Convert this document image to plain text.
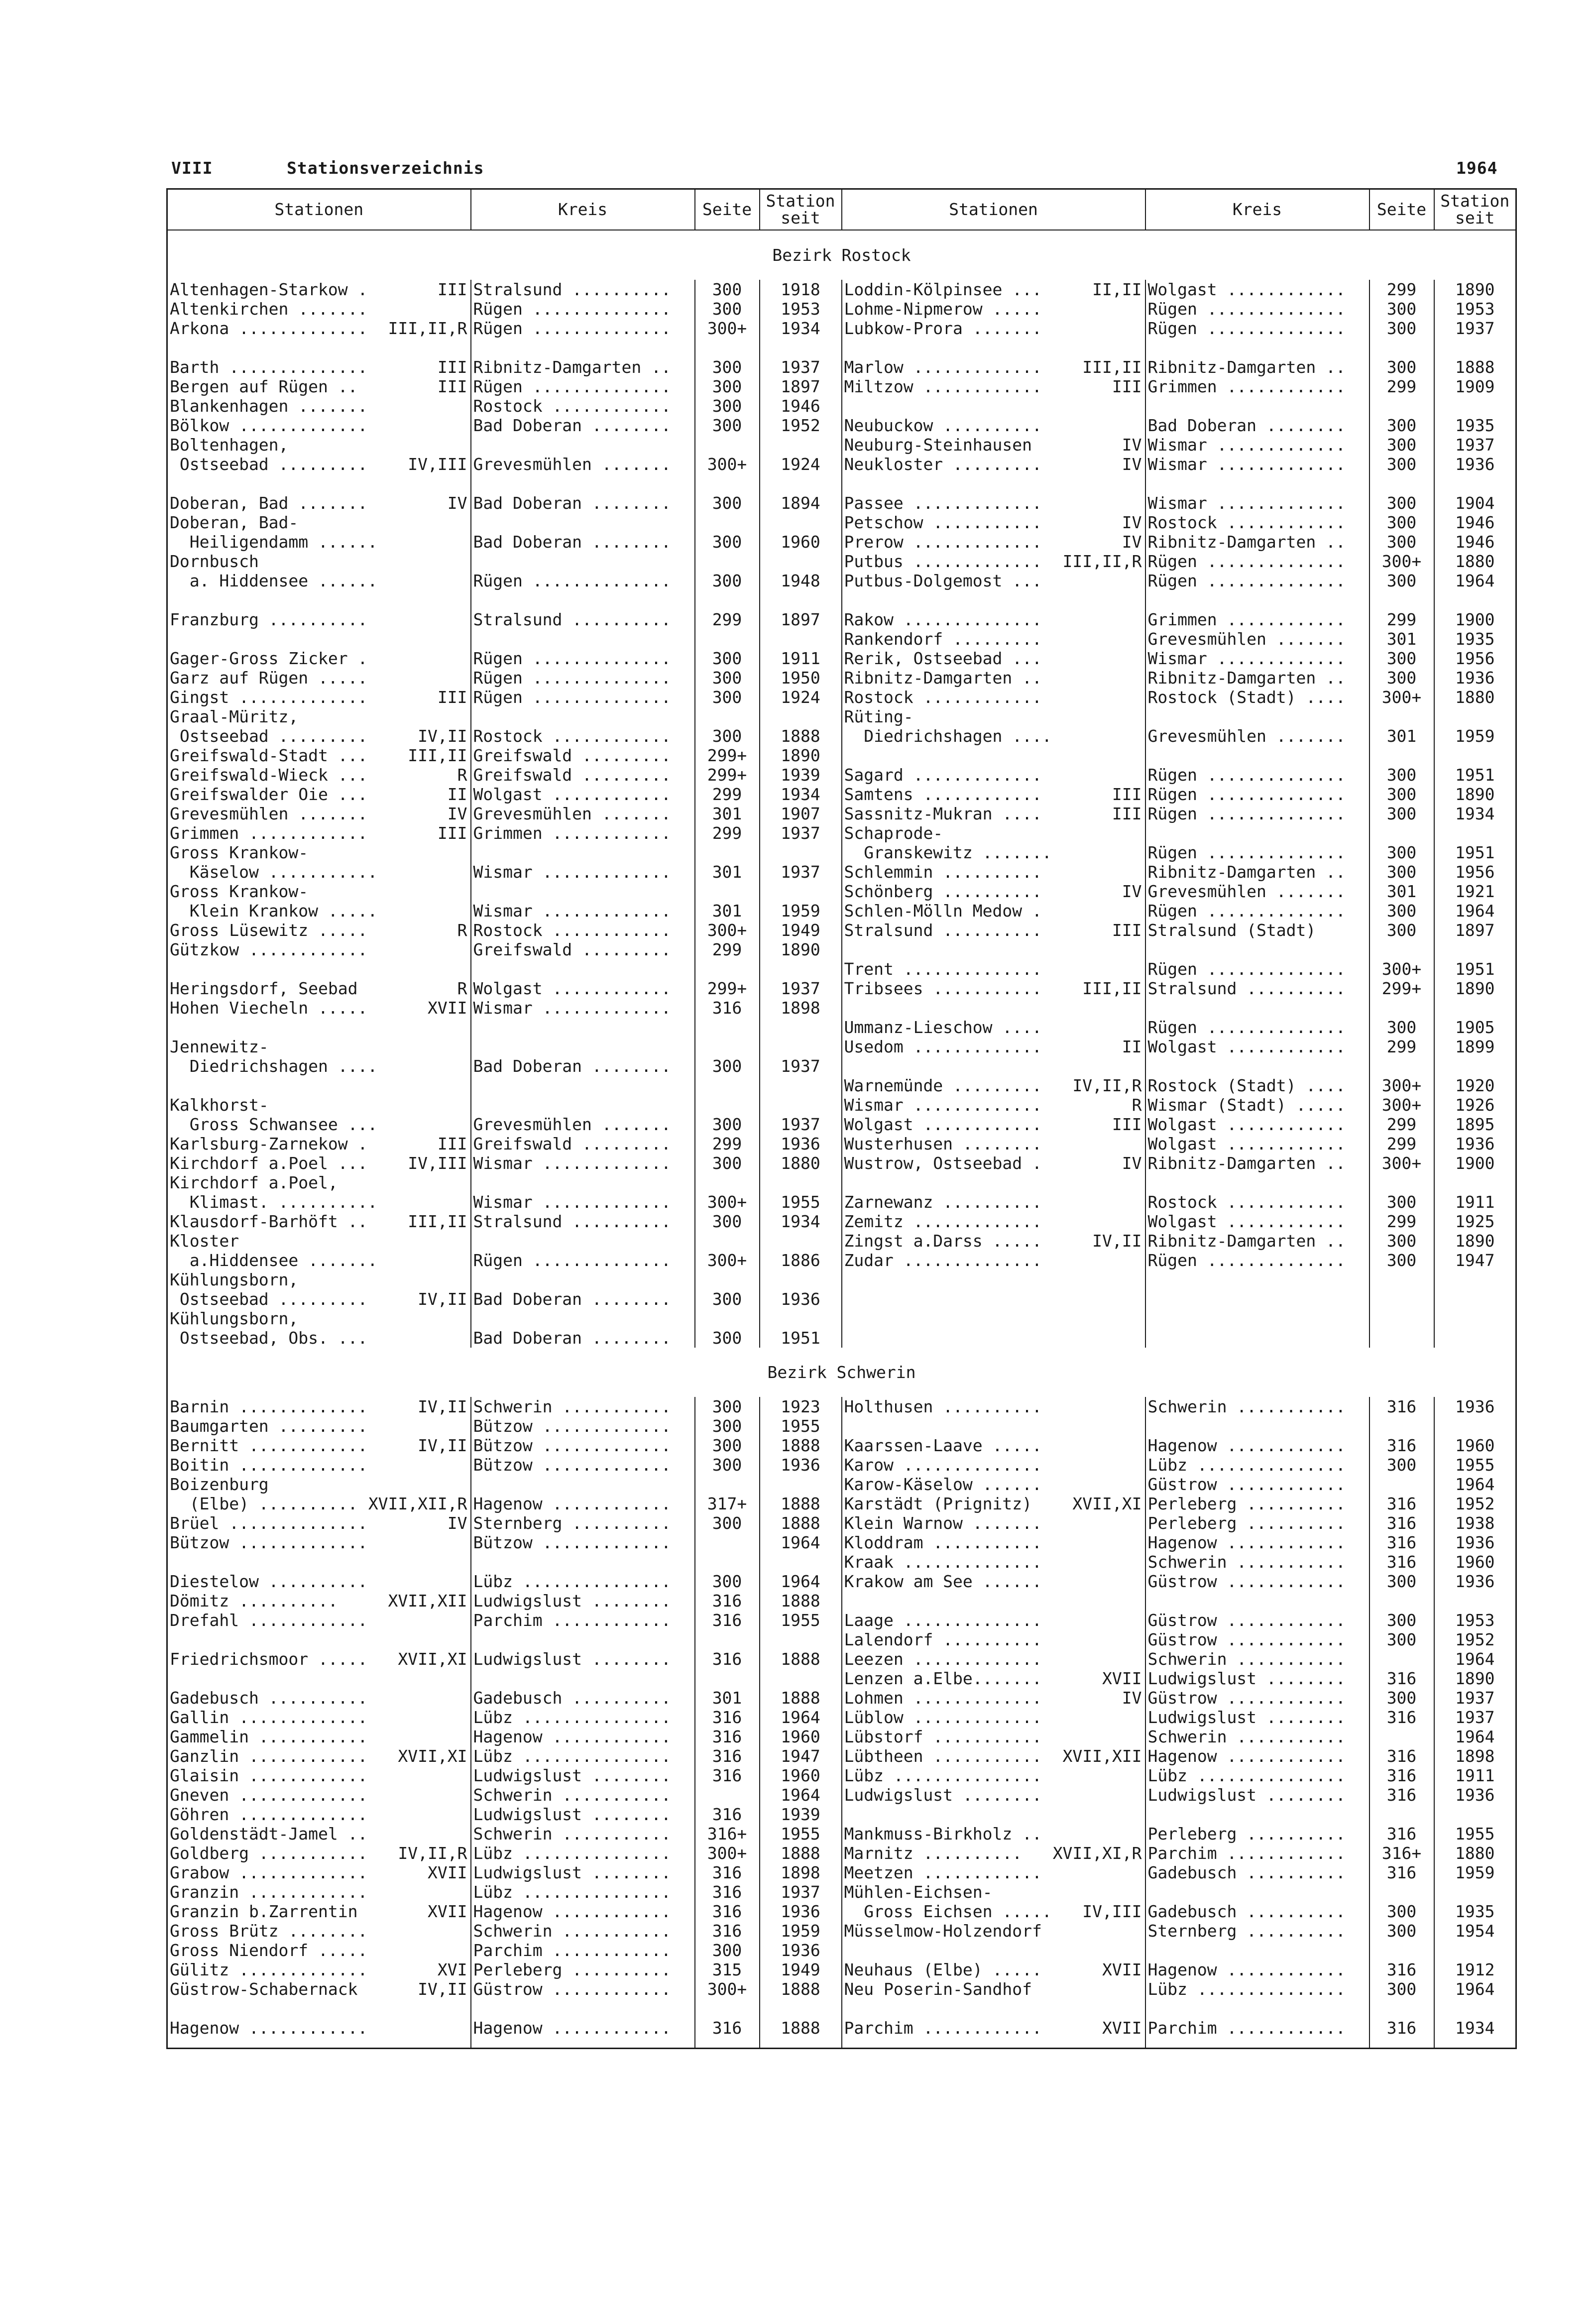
VIII	Stationsverzeichnis	1964
Stationen	Kreis	Seite	Station seit	Stationen	Kreis	Seite	Station seit
Bezirk Rostock							
Altenhagen-Starkow . III	Stralsund ..........	300	1918	Loddin-Kölpinsee ... II,II	Wolgast ............	299	1890
Altenkirchen .......	Rügen ..............	300	1953	Lohme-Nipmerow .....	Rügen ..............	300	1953
Arkona ............. III,II,R	Rügen ..............	300+	1934	Lubkow-Prora .......	Rügen ..............	300	1937

Barth .............. III	Ribnitz-Damgarten ..	300	1937	Marlow ............. III,II	Ribnitz-Damgarten ..	300	1888
Bergen auf Rügen .. III	Rügen ..............	300	1897	Miltzow ............ III	Grimmen ............	299	1909
Blankenhagen .......	Rostock ............	300	1946	

Bölkow .............	Bad Doberan ........	300	1952	Neubuckow ..........	Bad Doberan ........	300	1935
Boltenhagen,				Neuburg-Steinhausen IV	Wismar .............	300	1937
Ostseebad ......... IV,III	Grevesmühlen .......	300+	1924	Neukloster ......... IV	Wismar .............	300	1936

Doberan, Bad ....... IV	Bad Doberan ........	300	1894	Passee .............	Wismar .............	300	1904
Doberan, Bad-				Petschow ........... IV	Rostock ............	300	1946
Heiligendamm ......	Bad Doberan ........	300	1960	Prerow ............. IV	Ribnitz-Damgarten ..	300	1946
Dornbusch				Putbus ............. III,II,R	Rügen ..............	300+	1880
a. Hiddensee ......	Rügen ..............	300	1948	Putbus-Dolgemost ...	Rügen ..............	300	1964

Franzburg ..........	Stralsund ..........	299	1897	Rakow ..............	Grimmen ............	299	1900

				Rankendorf .........	Grevesmühlen .......	301	1935
Gager-Gross Zicker .	Rügen ..............	300	1911	Rerik, Ostseebad ...	Wismar .............	300	1956
Garz auf Rügen .....	Rügen ..............	300	1950	Ribnitz-Damgarten ..	Ribnitz-Damgarten ..	300	1936
Gingst ............. III	Rügen ..............	300	1924	Rostock ............	Rostock (Stadt) ....	300+	1880
Graal-Müritz,				Rüting-

Ostseebad ......... IV,II	Rostock ............	300	1888	Diedrichshagen ....	Grevesmühlen .......	301	1959
Greifswald-Stadt ... III,II	Greifswald .........	299+	1890	

Greifswald-Wieck ... R	Greifswald .........	299+	1939	Sagard .............	Rügen ..............	300	1951
Greifswalder Oie ... II	Wolgast ............	299	1934	Samtens ............ III	Rügen ..............	300	1890
Grevesmühlen ....... IV	Grevesmühlen .......	301	1907	Sassnitz-Mukran .... III	Rügen ..............	300	1934
Grimmen ............ III	Grimmen ............	299	1937	Schaprode-

Gross Krankow-				Granskewitz .......	Rügen ..............	300	1951
Käselow ...........	Wismar .............	301	1937	Schlemmin ..........	Ribnitz-Damgarten ..	300	1956
Gross Krankow-				Schönberg .......... IV	Grevesmühlen .......	301	1921
Klein Krankow .....	Wismar .............	301	1959	Schlen-Mölln Medow .	Rügen ..............	300	1964
Gross Lüsewitz ..... R	Rostock ............	300+	1949	Stralsund .......... III	Stralsund (Stadt)	300	1897
Gützkow ............	Greifswald .........	299	1890	

				Trent ..............	Rügen ..............	300+	1951
Heringsdorf, Seebad R	Wolgast ............	299+	1937	Tribsees ........... III,II	Stralsund ..........	299+	1890
Hohen Viecheln ..... XVII	Wismar .............	316	1898	

				Ummanz-Lieschow ....	Rügen ..............	300	1905
Jennewitz-				Usedom ............. II	Wolgast ............	299	1899
Diedrichshagen ....	Bad Doberan ........	300	1937	

				Warnemünde ......... IV,II,R	Rostock (Stadt) ....	300+	1920
Kalkhorst-				Wismar ............. R	Wismar (Stadt) .....	300+	1926
Gross Schwansee ...	Grevesmühlen .......	300	1937	Wolgast ............ III	Wolgast ............	299	1895
Karlsburg-Zarnekow . III	Greifswald .........	299	1936	Wusterhusen ........	Wolgast ............	299	1936
Kirchdorf a.Poel ... IV,III	Wismar .............	300	1880	Wustrow, Ostseebad . IV	Ribnitz-Damgarten ..	300+	1900
Kirchdorf a.Poel,

Klimast. ..........	Wismar .............	300+	1955	Zarnewanz ..........	Rostock ............	300	1911
Klausdorf-Barhöft .. III,II	Stralsund ..........	300	1934	Zemitz .............	Wolgast ............	299	1925
Kloster				Zingst a.Darss ..... IV,II	Ribnitz-Damgarten ..	300	1890
a.Hiddensee .......	Rügen ..............	300+	1886	Zudar ..............	Rügen ..............	300	1947
Kühlungsborn,

Ostseebad ......... IV,II	Bad Doberan ........	300	1936	

Kühlungsborn,

Ostseebad, Obs. ...	Bad Doberan ........	300	1951	

Bezirk Schwerin							
Barnin ............. IV,II	Schwerin ...........	300	1923	Holthusen ..........	Schwerin ...........	316	1936
Baumgarten .........	Bützow .............	300	1955	

Bernitt ............ IV,II	Bützow .............	300	1888	Kaarssen-Laave .....	Hagenow ............	316	1960
Boitin .............	Bützow .............	300	1936	Karow ..............	Lübz ...............	300	1955
Boizenburg				Karow-Käselow ......	Güstrow ............		1964
(Elbe) .......... XVII,XII,R	Hagenow ............	317+	1888	Karstädt (Prignitz) XVII,XI	Perleberg ..........	316	1952
Brüel .............. IV	Sternberg ..........	300	1888	Klein Warnow .......	Perleberg ..........	316	1938
Bützow .............	Bützow .............		1964	Kloddram ...........	Hagenow ............	316	1936

				Kraak ..............	Schwerin ...........	316	1960
Diestelow ..........	Lübz ...............	300	1964	Krakow am See ......	Güstrow ............	300	1936
Dömitz .......... XVII,XII	Ludwigslust ........	316	1888	

Drefahl ............	Parchim ............	316	1955	Laage ..............	Güstrow ............	300	1953

				Lalendorf ..........	Güstrow ............	300	1952
Friedrichsmoor ..... XVII,XI	Ludwigslust ........	316	1888	Leezen .............	Schwerin ...........		1964

				Lenzen a.Elbe....... XVII	Ludwigslust ........	316	1890
Gadebusch ..........	Gadebusch ..........	301	1888	Lohmen ............. IV	Güstrow ............	300	1937
Gallin .............	Lübz ...............	316	1964	Lüblow .............	Ludwigslust ........	316	1937
Gammelin ...........	Hagenow ............	316	1960	Lübstorf ...........	Schwerin ...........		1964
Ganzlin ............ XVII,XI	Lübz ...............	316	1947	Lübtheen ........... XVII,XII	Hagenow ............	316	1898
Glaisin ............	Ludwigslust ........	316	1960	Lübz ...............	Lübz ...............	316	1911
Gneven .............	Schwerin ...........		1964	Ludwigslust ........	Ludwigslust ........	316	1936
Göhren .............	Ludwigslust ........	316	1939	

Goldenstädt-Jamel ..	Schwerin ...........	316+	1955	Mankmuss-Birkholz ..	Perleberg ..........	316	1955
Goldberg ........... IV,II,R	Lübz ...............	300+	1888	Marnitz .......... XVII,XI,R	Parchim ............	316+	1880
Grabow ............. XVII	Ludwigslust ........	316	1898	Meetzen ............	Gadebusch ..........	316	1959
Granzin ............	Lübz ...............	316	1937	Mühlen-Eichsen-

Granzin b.Zarrentin XVII	Hagenow ............	316	1936	Gross Eichsen ..... IV,III	Gadebusch ..........	300	1935
Gross Brütz ........	Schwerin ...........	316	1959	Müsselmow-Holzendorf	Sternberg ..........	300	1954
Gross Niendorf .....	Parchim ............	300	1936	

Gülitz ............. XVI	Perleberg ..........	315	1949	Neuhaus (Elbe) ..... XVII	Hagenow ............	316	1912
Güstrow-Schabernack IV,II	Güstrow ............	300+	1888	Neu Poserin-Sandhof	Lübz ...............	300	1964

Hagenow ............	Hagenow ............	316	1888	Parchim ............ XVII	Parchim ............	316	1934
